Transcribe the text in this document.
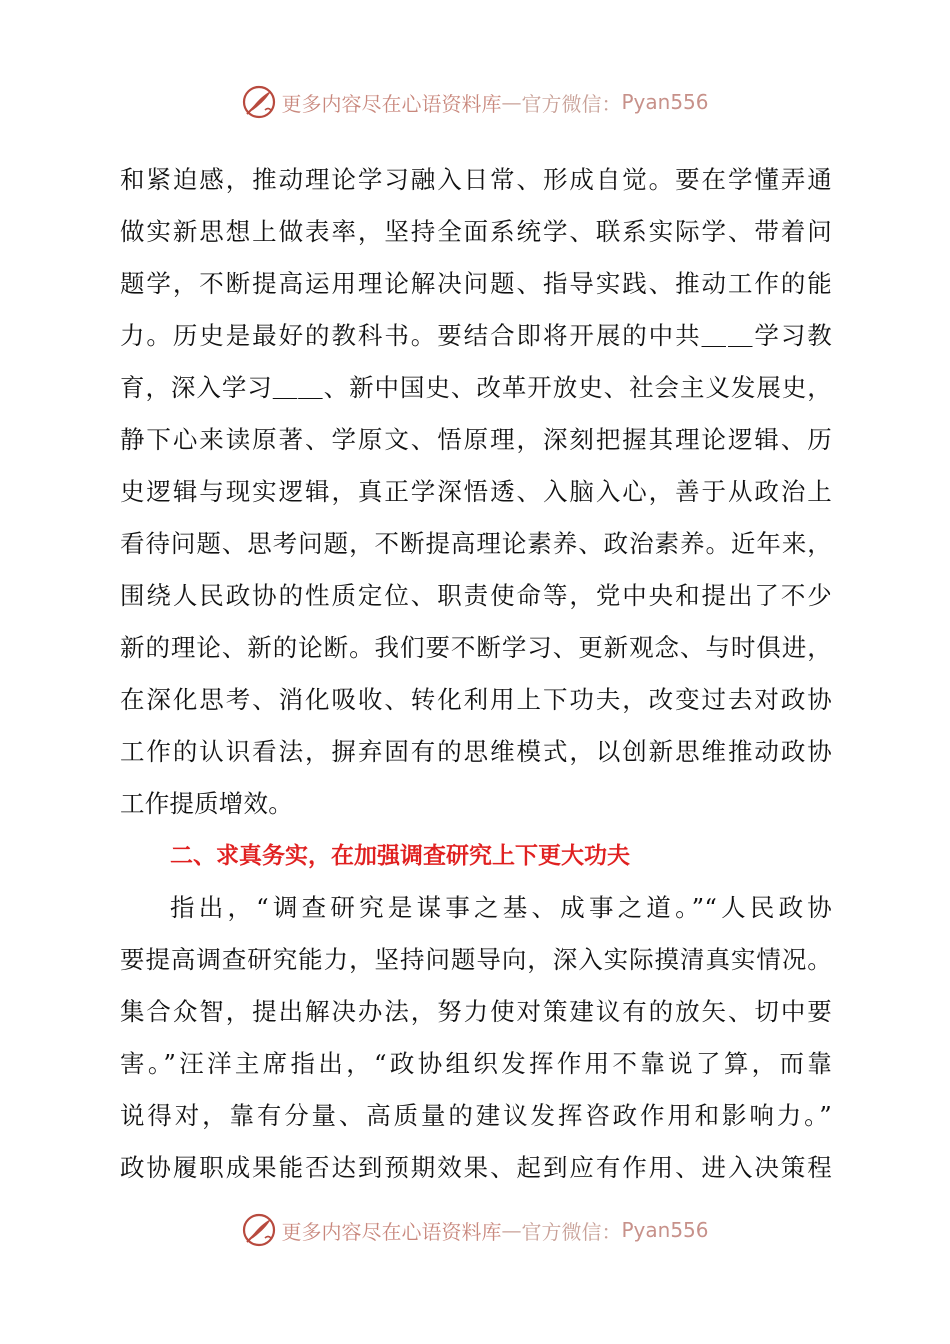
更多内容尽在心语资料库 — 官方微信： Pyan556
和紧迫感，推动理论学习融入日常、形成自觉。要在学懂弄通
做实新思想上做表率，坚持全面系统学、联系实际学、带着问
题学，不断提高运用理论解决问题、指导实践、推动工作的能
力。历史是最好的教科书。要结合即将开展的中共＿＿学习教
育，深入学习＿＿、新中国史、改革开放史、社会主义发展史，
静下心来读原著、学原文、悟原理，深刻把握其理论逻辑、历
史逻辑与现实逻辑，真正学深悟透、入脑入心，善于从政治上
看待问题、思考问题，不断提高理论素养、政治素养。近年来，
围绕人民政协的性质定位、职责使命等，党中央和提出了不少
新的理论、新的论断。我们要不断学习、更新观念、与时俱进，
在深化思考、消化吸收、转化利用上下功夫，改变过去对政协
工作的认识看法，摒弃固有的思维模式，以创新思维推动政协
工作提质增效。
二、求真务实，在加强调查研究上下更大功夫
指出，“调查研究是谋事之基、成事之道。”“人民政协
要提高调查研究能力，坚持问题导向，深入实际摸清真实情况。
集合众智，提出解决办法，努力使对策建议有的放矢、切中要
害。”汪洋主席指出，“政协组织发挥作用不靠说了算，而靠
说得对，靠有分量、高质量的建议发挥咨政作用和影响力。”
政协履职成果能否达到预期效果、起到应有作用、进入决策程
更多内容尽在心语资料库 — 官方微信： Pyan556
